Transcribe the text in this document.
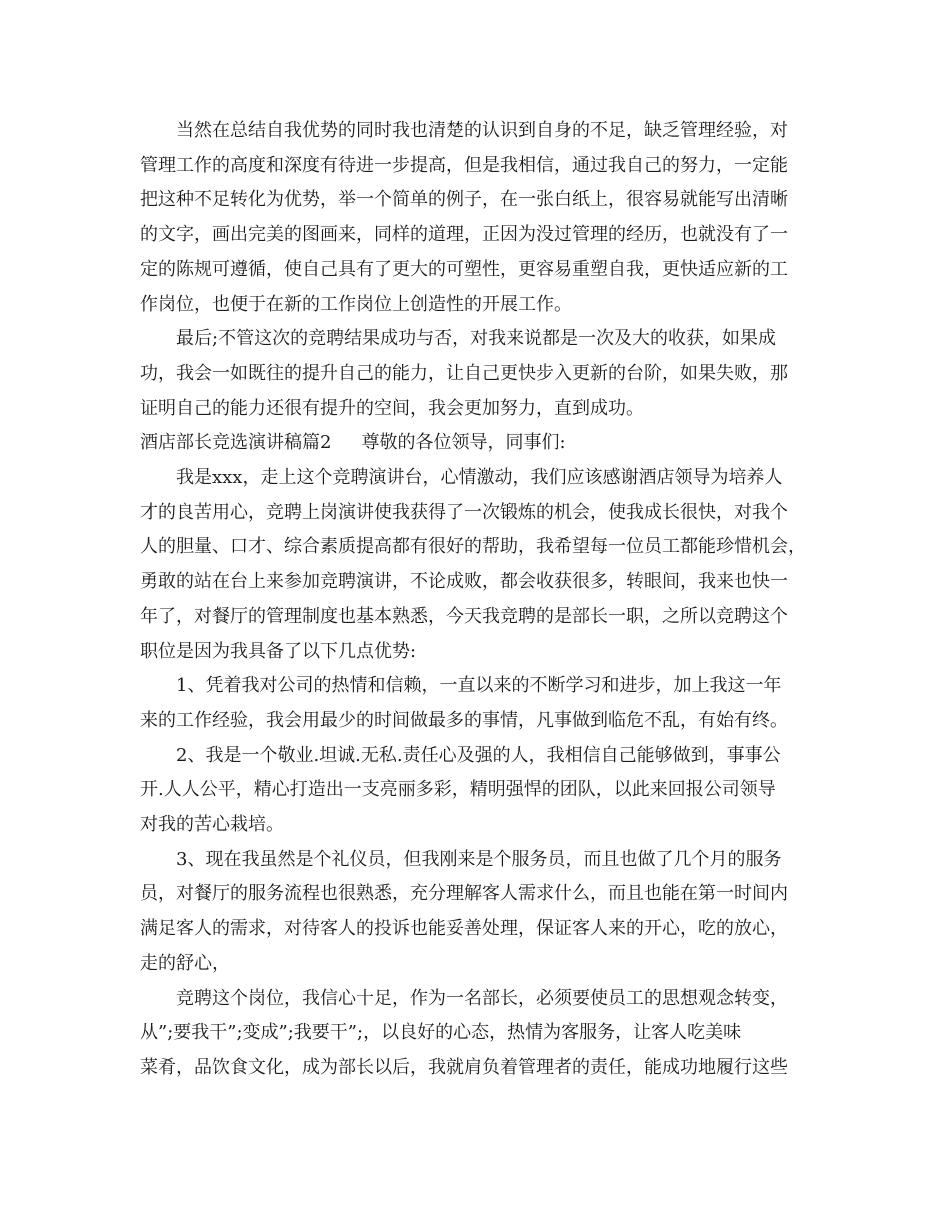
当然在总结自我优势的同时我也清楚的认识到自身的不足，缺乏管理经验，对
管理工作的高度和深度有待进一步提高，但是我相信，通过我自己的努力，一定能
把这种不足转化为优势，举一个简单的例子，在一张白纸上，很容易就能写出清晰
的文字，画出完美的图画来，同样的道理，正因为没过管理的经历，也就没有了一
定的陈规可遵循，使自己具有了更大的可塑性，更容易重塑自我，更快适应新的工
作岗位，也便于在新的工作岗位上创造性的开展工作。

最后;不管这次的竞聘结果成功与否，对我来说都是一次及大的收获，如果成
功，我会一如既往的提升自己的能力，让自己更快步入更新的台阶，如果失败，那
证明自己的能力还很有提升的空间，我会更加努力，直到成功。

酒店部长竞选演讲稿篇2 尊敬的各位领导，同事们:

我是xxx，走上这个竞聘演讲台，心情激动，我们应该感谢酒店领导为培养人
才的良苦用心，竞聘上岗演讲使我获得了一次锻炼的机会，使我成长很快，对我个
人的胆量、口才、综合素质提高都有很好的帮助，我希望每一位员工都能珍惜机会，
勇敢的站在台上来参加竞聘演讲，不论成败，都会收获很多，转眼间，我来也快一
年了，对餐厅的管理制度也基本熟悉，今天我竞聘的是部长一职，之所以竞聘这个
职位是因为我具备了以下几点优势:

1、凭着我对公司的热情和信赖，一直以来的不断学习和进步，加上我这一年
来的工作经验，我会用最少的时间做最多的事情，凡事做到临危不乱，有始有终。

2、我是一个敬业.坦诚.无私.责任心及强的人，我相信自己能够做到，事事公
开.人人公平，精心打造出一支亮丽多彩，精明强悍的团队，以此来回报公司领导
对我的苦心栽培。

3、现在我虽然是个礼仪员，但我刚来是个服务员，而且也做了几个月的服务
员，对餐厅的服务流程也很熟悉，充分理解客人需求什么，而且也能在第一时间内
满足客人的需求，对待客人的投诉也能妥善处理，保证客人来的开心，吃的放心，
走的舒心，

竞聘这个岗位，我信心十足，作为一名部长，必须要使员工的思想观念转变，
从”;要我干”;变成”;我要干”;，以良好的心态，热情为客服务，让客人吃美味
菜肴，品饮食文化，成为部长以后，我就肩负着管理者的责任，能成功地履行这些
